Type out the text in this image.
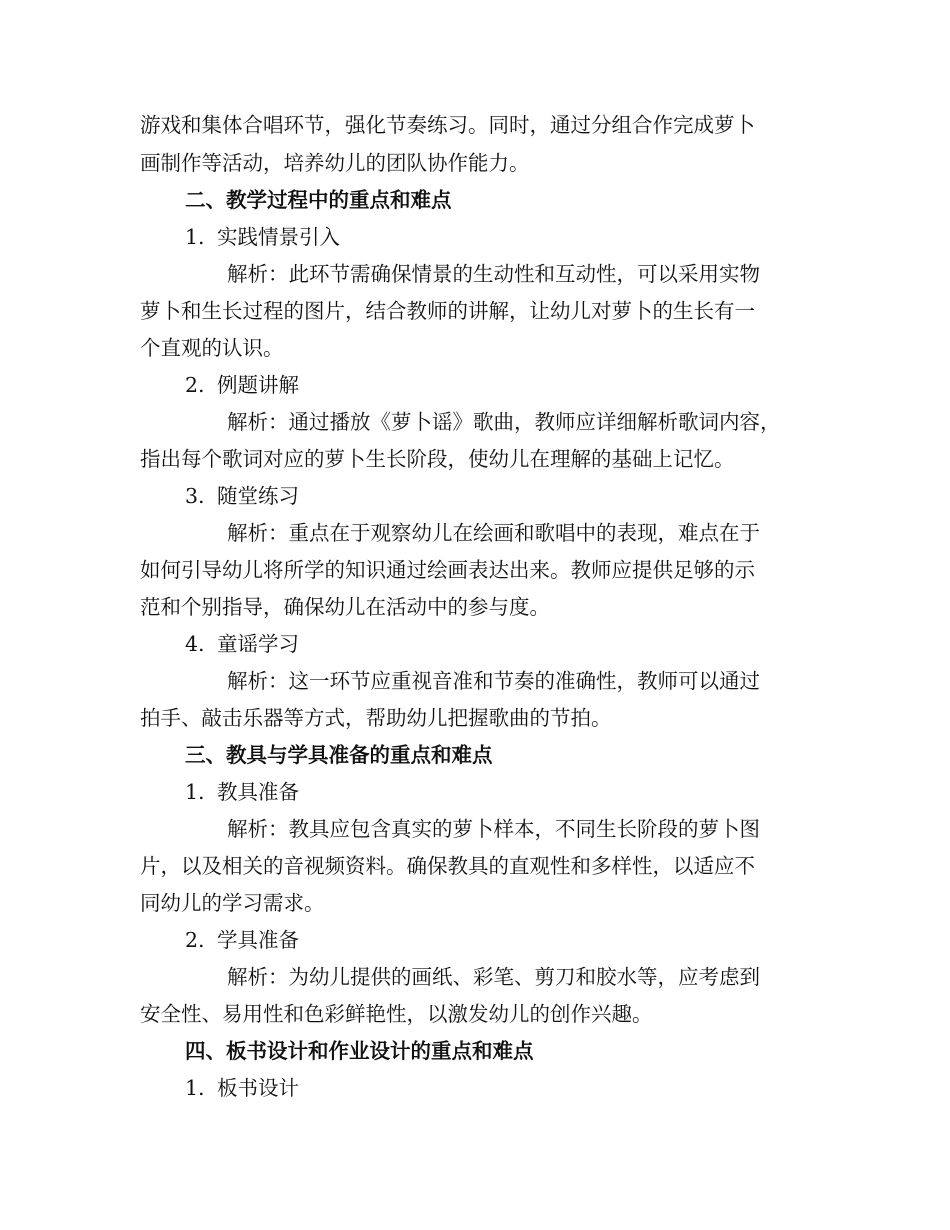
游戏和集体合唱环节，强化节奏练习。同时，通过分组合作完成萝卜
画制作等活动，培养幼儿的团队协作能力。
二、教学过程中的重点和难点
1. 实践情景引入
解析：此环节需确保情景的生动性和互动性，可以采用实物
萝卜和生长过程的图片，结合教师的讲解，让幼儿对萝卜的生长有一
个直观的认识。
2. 例题讲解
解析：通过播放《萝卜谣》歌曲，教师应详细解析歌词内容，
指出每个歌词对应的萝卜生长阶段，使幼儿在理解的基础上记忆。
3. 随堂练习
解析：重点在于观察幼儿在绘画和歌唱中的表现，难点在于
如何引导幼儿将所学的知识通过绘画表达出来。教师应提供足够的示
范和个别指导，确保幼儿在活动中的参与度。
4. 童谣学习
解析：这一环节应重视音准和节奏的准确性，教师可以通过
拍手、敲击乐器等方式，帮助幼儿把握歌曲的节拍。
三、教具与学具准备的重点和难点
1. 教具准备
解析：教具应包含真实的萝卜样本，不同生长阶段的萝卜图
片，以及相关的音视频资料。确保教具的直观性和多样性，以适应不
同幼儿的学习需求。
2. 学具准备
解析：为幼儿提供的画纸、彩笔、剪刀和胶水等，应考虑到
安全性、易用性和色彩鲜艳性，以激发幼儿的创作兴趣。
四、板书设计和作业设计的重点和难点
1. 板书设计
